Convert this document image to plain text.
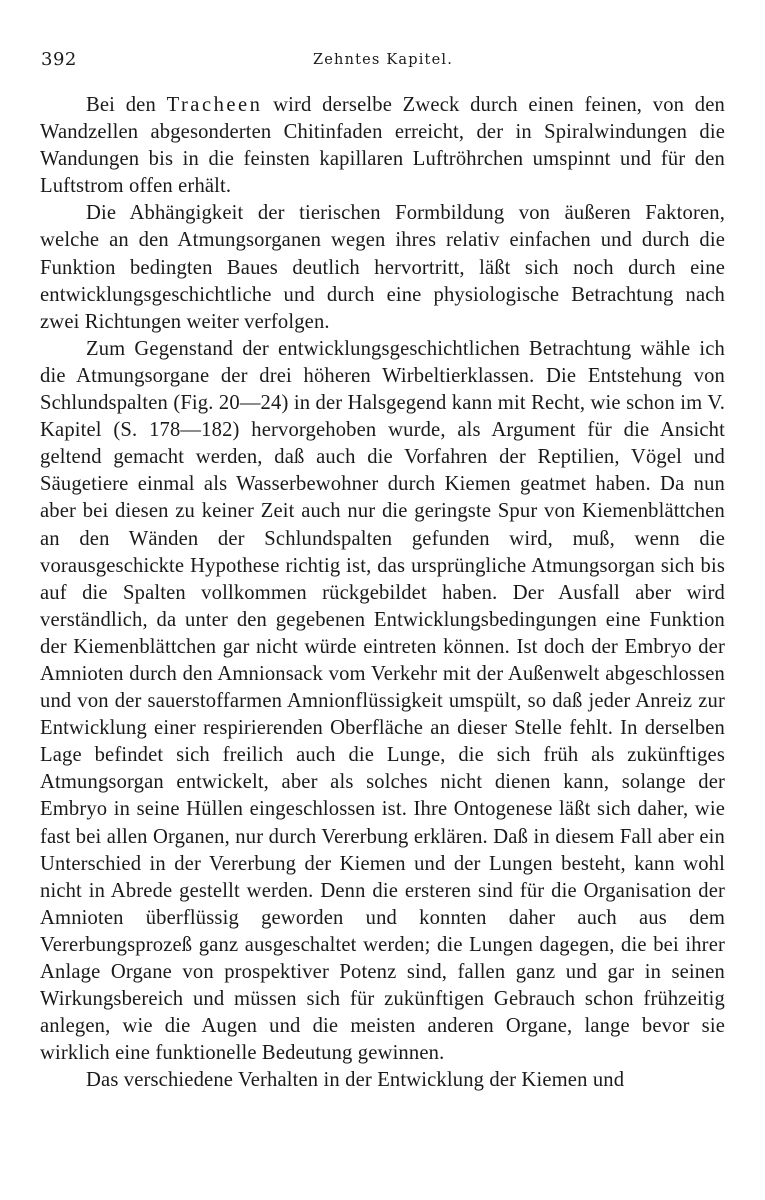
392	Zehntes Kapitel.

Bei den Tracheen wird derselbe Zweck durch einen feinen, von den Wandzellen abgesonderten Chitinfaden erreicht, der in Spiralwindungen die Wandungen bis in die feinsten kapillaren Luftröhrchen umspinnt und für den Luftstrom offen erhält.

Die Abhängigkeit der tierischen Formbildung von äußeren Faktoren, welche an den Atmungsorganen wegen ihres relativ einfachen und durch die Funktion bedingten Baues deutlich hervortritt, läßt sich noch durch eine entwicklungsgeschichtliche und durch eine physiologische Betrachtung nach zwei Richtungen weiter verfolgen.

Zum Gegenstand der entwicklungsgeschichtlichen Betrachtung wähle ich die Atmungsorgane der drei höheren Wirbeltierklassen. Die Entstehung von Schlundspalten (Fig. 20—24) in der Halsgegend kann mit Recht, wie schon im V. Kapitel (S. 178—182) hervorgehoben wurde, als Argument für die Ansicht geltend gemacht werden, daß auch die Vorfahren der Reptilien, Vögel und Säugetiere einmal als Wasserbewohner durch Kiemen geatmet haben. Da nun aber bei diesen zu keiner Zeit auch nur die geringste Spur von Kiemenblättchen an den Wänden der Schlundspalten gefunden wird, muß, wenn die vorausgeschickte Hypothese richtig ist, das ursprüngliche Atmungsorgan sich bis auf die Spalten vollkommen rückgebildet haben. Der Ausfall aber wird verständlich, da unter den gegebenen Entwicklungsbedingungen eine Funktion der Kiemenblättchen gar nicht würde eintreten können. Ist doch der Embryo der Amnioten durch den Amnionsack vom Verkehr mit der Außenwelt abgeschlossen und von der sauerstoffarmen Amnionflüssigkeit umspült, so daß jeder Anreiz zur Entwicklung einer respirierenden Oberfläche an dieser Stelle fehlt. In derselben Lage befindet sich freilich auch die Lunge, die sich früh als zukünftiges Atmungsorgan entwickelt, aber als solches nicht dienen kann, solange der Embryo in seine Hüllen eingeschlossen ist. Ihre Ontogenese läßt sich daher, wie fast bei allen Organen, nur durch Vererbung erklären. Daß in diesem Fall aber ein Unterschied in der Vererbung der Kiemen und der Lungen besteht, kann wohl nicht in Abrede gestellt werden. Denn die ersteren sind für die Organisation der Amnioten überflüssig geworden und konnten daher auch aus dem Vererbungsprozeß ganz ausgeschaltet werden; die Lungen dagegen, die bei ihrer Anlage Organe von prospektiver Potenz sind, fallen ganz und gar in seinen Wirkungsbereich und müssen sich für zukünftigen Gebrauch schon frühzeitig anlegen, wie die Augen und die meisten anderen Organe, lange bevor sie wirklich eine funktionelle Bedeutung gewinnen.

Das verschiedene Verhalten in der Entwicklung der Kiemen und
